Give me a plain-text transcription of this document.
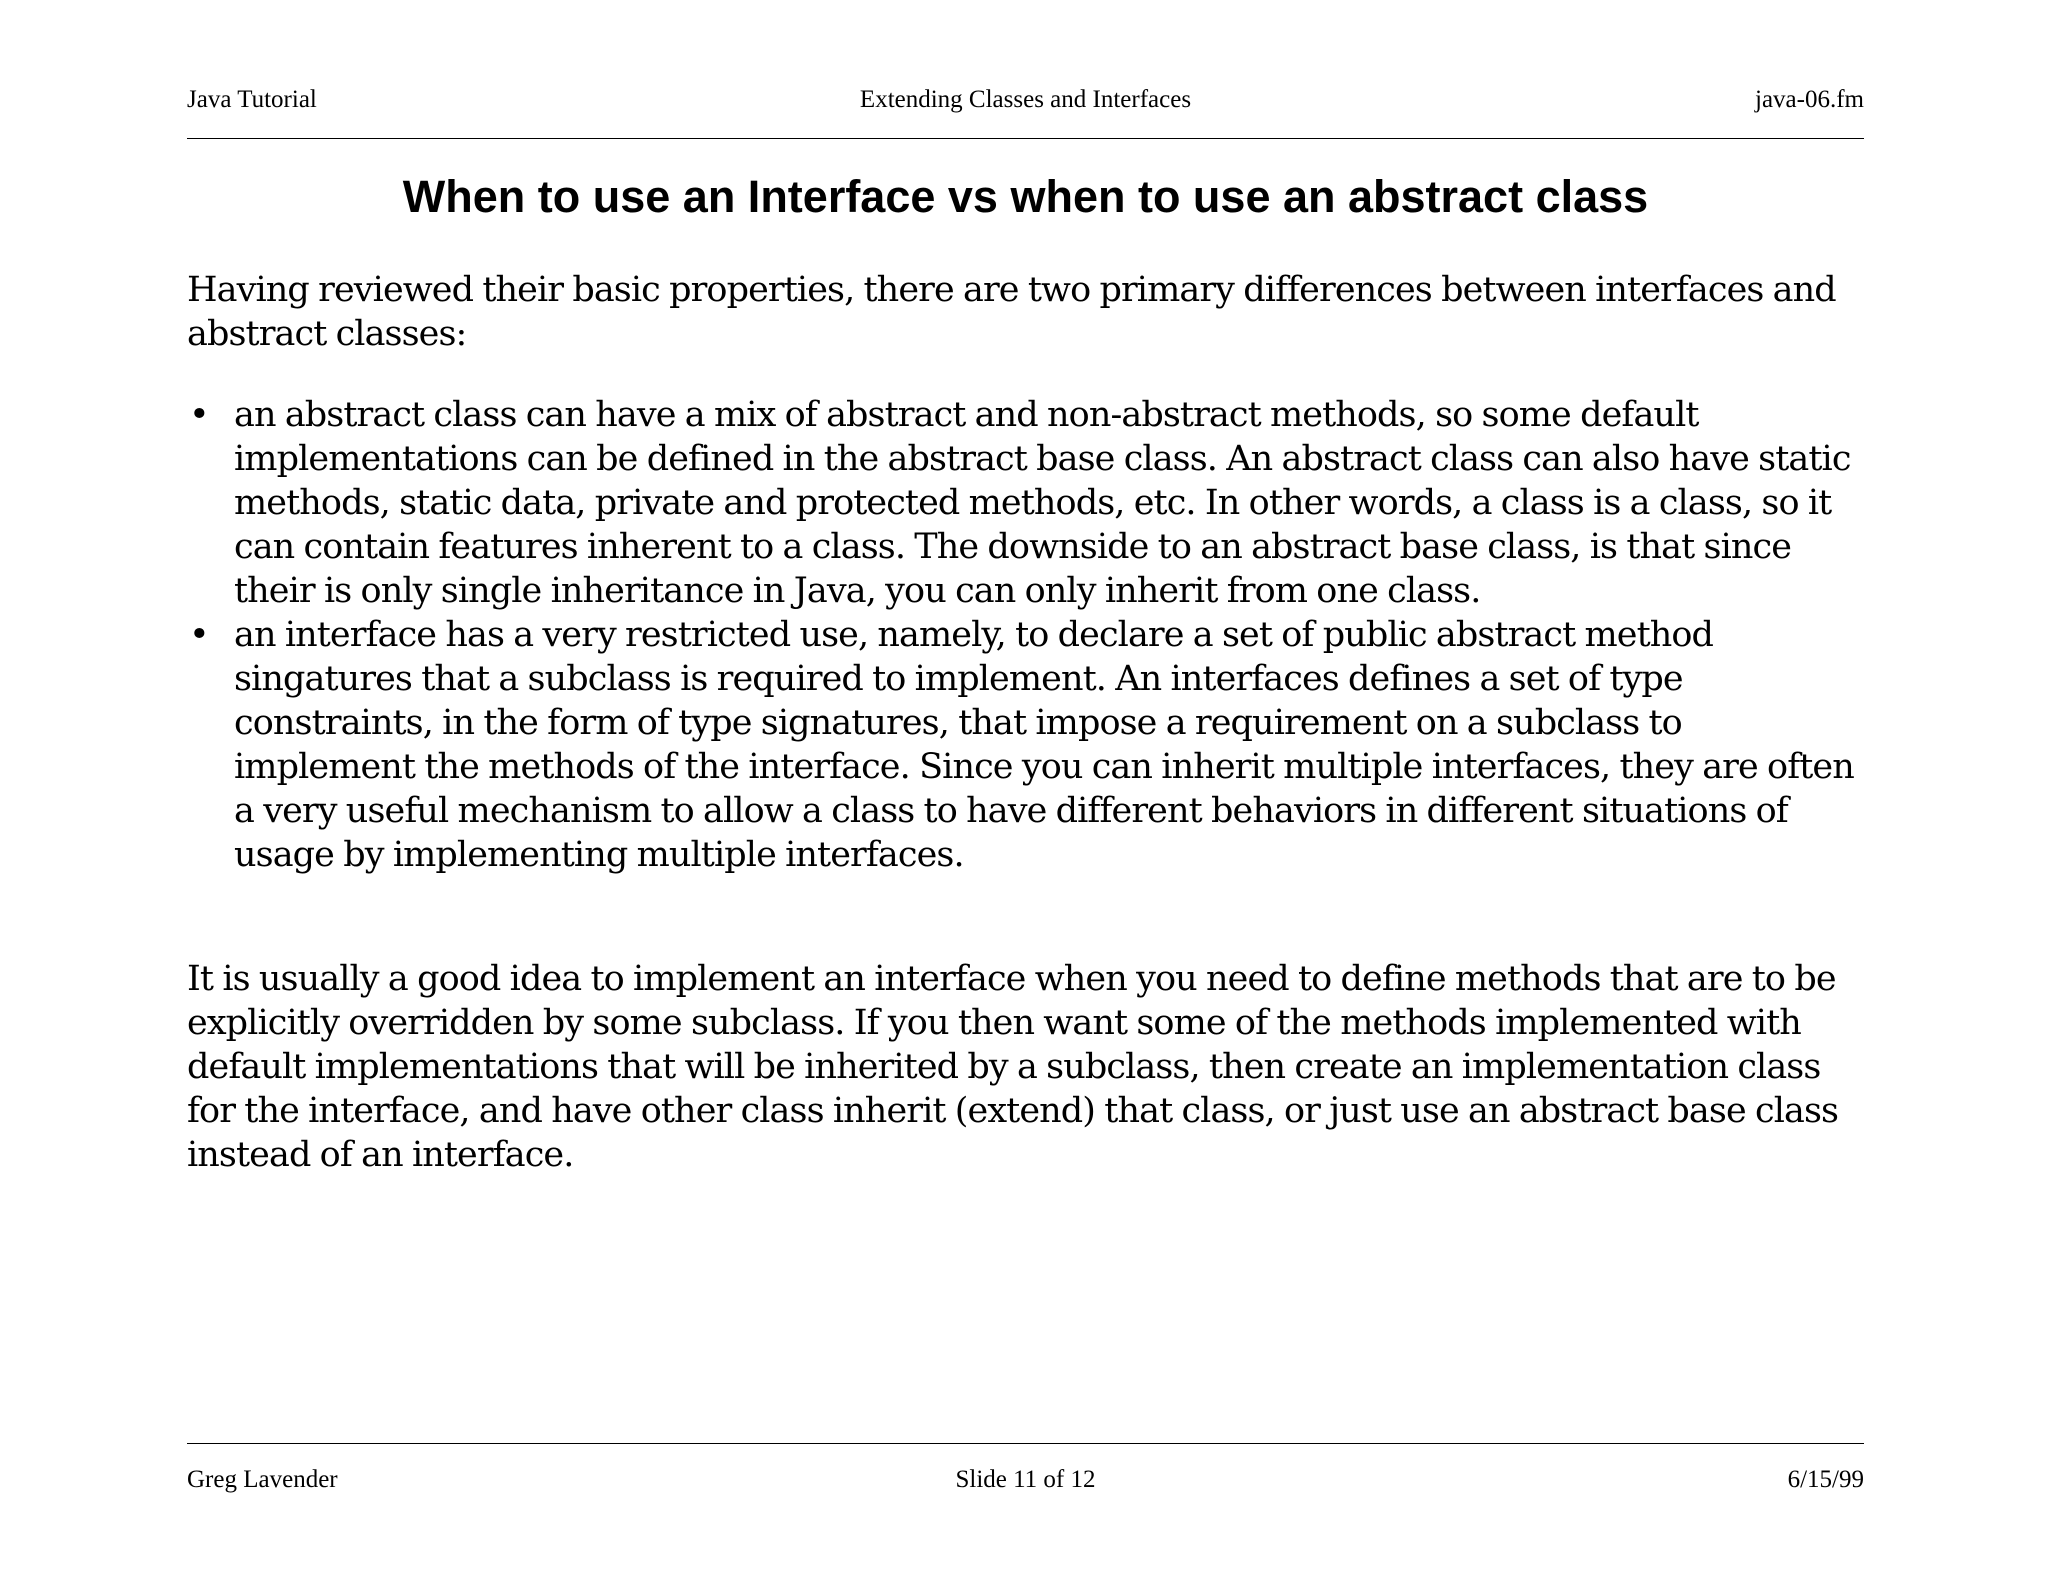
Java Tutorial	Extending Classes and Interfaces	java-06.fm
When to use an Interface vs when to use an abstract class

Having reviewed their basic properties, there are two primary differences between interfaces and abstract classes:

• an abstract class can have a mix of abstract and non-abstract methods, so some default implementations can be defined in the abstract base class. An abstract class can also have static methods, static data, private and protected methods, etc. In other words, a class is a class, so it can contain features inherent to a class. The downside to an abstract base class, is that since their is only single inheritance in Java, you can only inherit from one class.
• an interface has a very restricted use, namely, to declare a set of public abstract method singatures that a subclass is required to implement. An interfaces defines a set of type constraints, in the form of type signatures, that impose a requirement on a subclass to implement the methods of the interface. Since you can inherit multiple interfaces, they are often a very useful mechanism to allow a class to have different behaviors in different situations of usage by implementing multiple interfaces.

It is usually a good idea to implement an interface when you need to define methods that are to be explicitly overridden by some subclass. If you then want some of the methods implemented with default implementations that will be inherited by a subclass, then create an implementation class for the interface, and have other class inherit (extend) that class, or just use an abstract base class instead of an interface.

Greg Lavender	Slide 11 of 12	6/15/99
